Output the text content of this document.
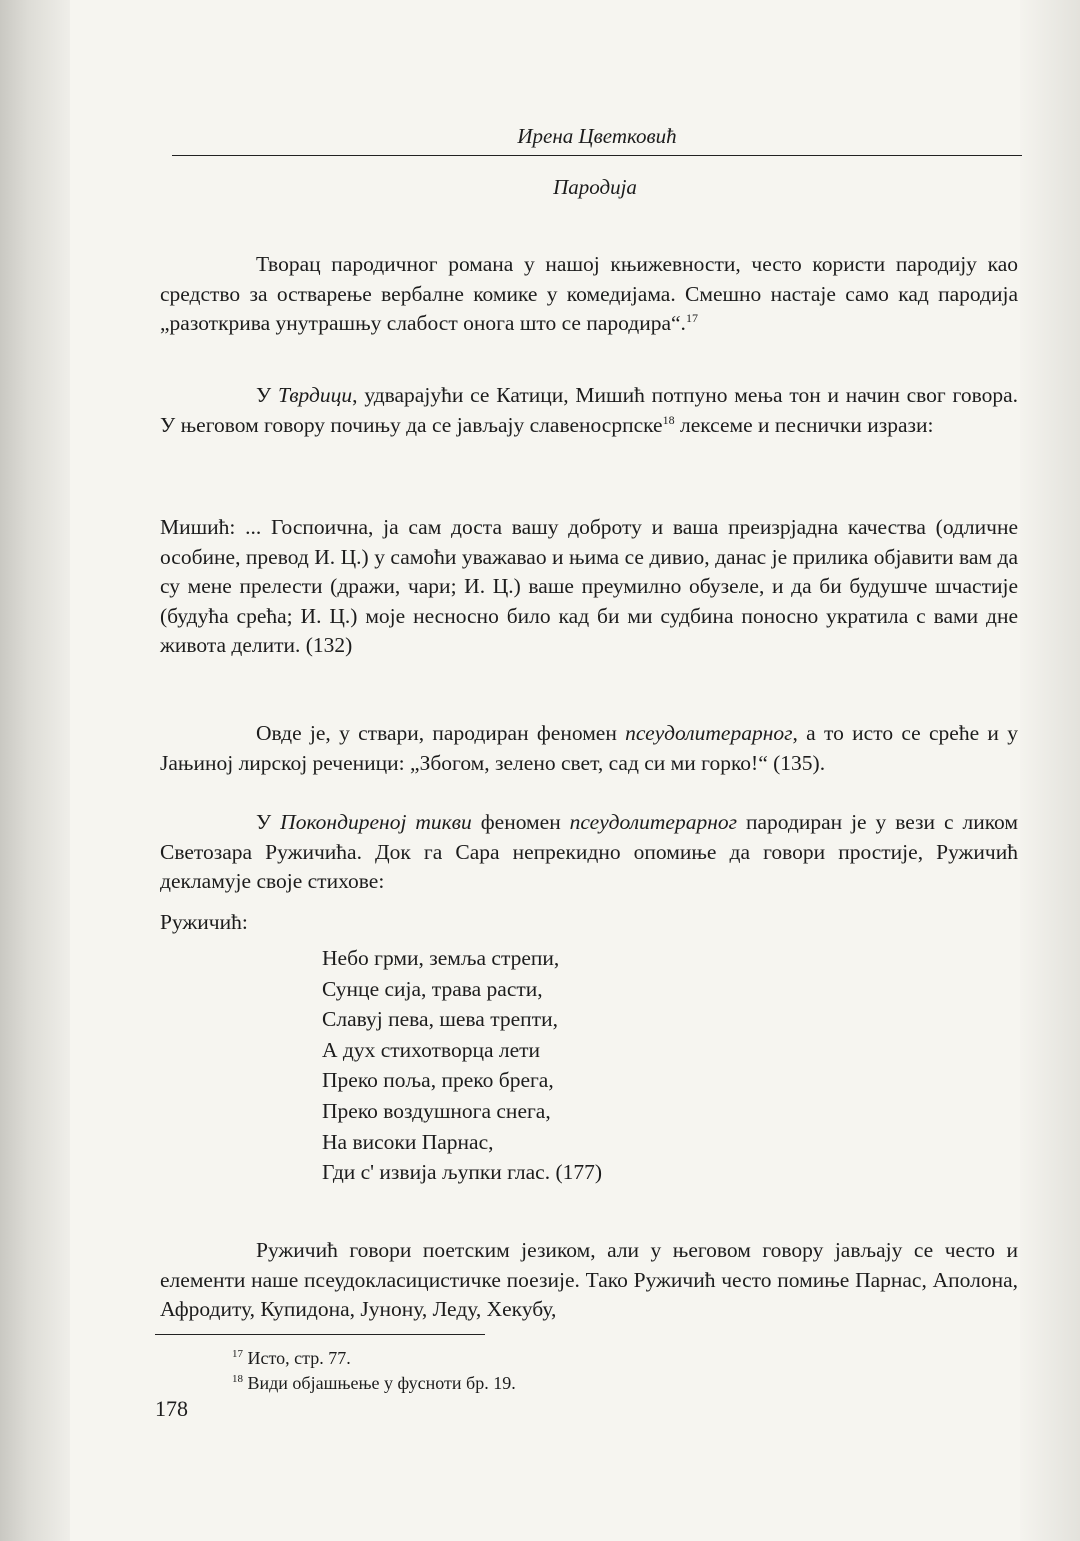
Ирена Цветковић
Пародија

Творац пародичног романа у нашој књижевности, често користи пародију као средство за остварење вербалне комике у комедијама. Смешно настаје само кад пародија „разоткрива унутрашњу слабост онога што се пародира“.$^{17}$

У Тврдици, удварајући се Катици, Мишић потпуно мења тон и начин свог говора. У његовом говору почињу да се јављају славеносрпске$^{18}$ лексеме и песнички изрази:

Мишић: ... Госпоична, ја сам доста вашу доброту и ваша преизрјадна качества (одличне особине, превод И. Ц.) у самоћи уважавао и њима се дивио, данас је прилика објавити вам да су мене прелести (дражи, чари; И. Ц.) ваше преумилно обузеле, и да би будушче шчастије (будућа срећа; И. Ц.) моје несносно било кад би ми судбина поносно укратила с вами дне живота делити. (132)

Овде је, у ствари, пародиран феномен псеудолитерарног, а то исто се среће и у Јањиној лирској реченици: „Збогом, зелено свет, сад си ми горко!“ (135).

У Покондиреној тикви феномен псеудолитерарног пародиран је у вези с ликом Светозара Ружичића. Док га Сара непрекидно опомиње да говори простије, Ружичић декламује своје стихове:

Ружичић:
Небо грми, земља стрепи,
Сунце сија, трава расти,
Славуј пева, шева трепти,
А дух стихотворца лети
Преко поља, преко брега,
Преко воздушнога снега,
На високи Парнас,
Гди с' извија љупки глас. (177)

Ружичић говори поетским језиком, али у његовом говору јављају се често и елементи наше псеудокласицистичке поезије. Тако Ружичић често помиње Парнас, Аполона, Афродиту, Купидона, Јунону, Леду, Хекубу,

$^{17}$ Исто, стр. 77.
$^{18}$ Види објашњење у фусноти бр. 19.
178
